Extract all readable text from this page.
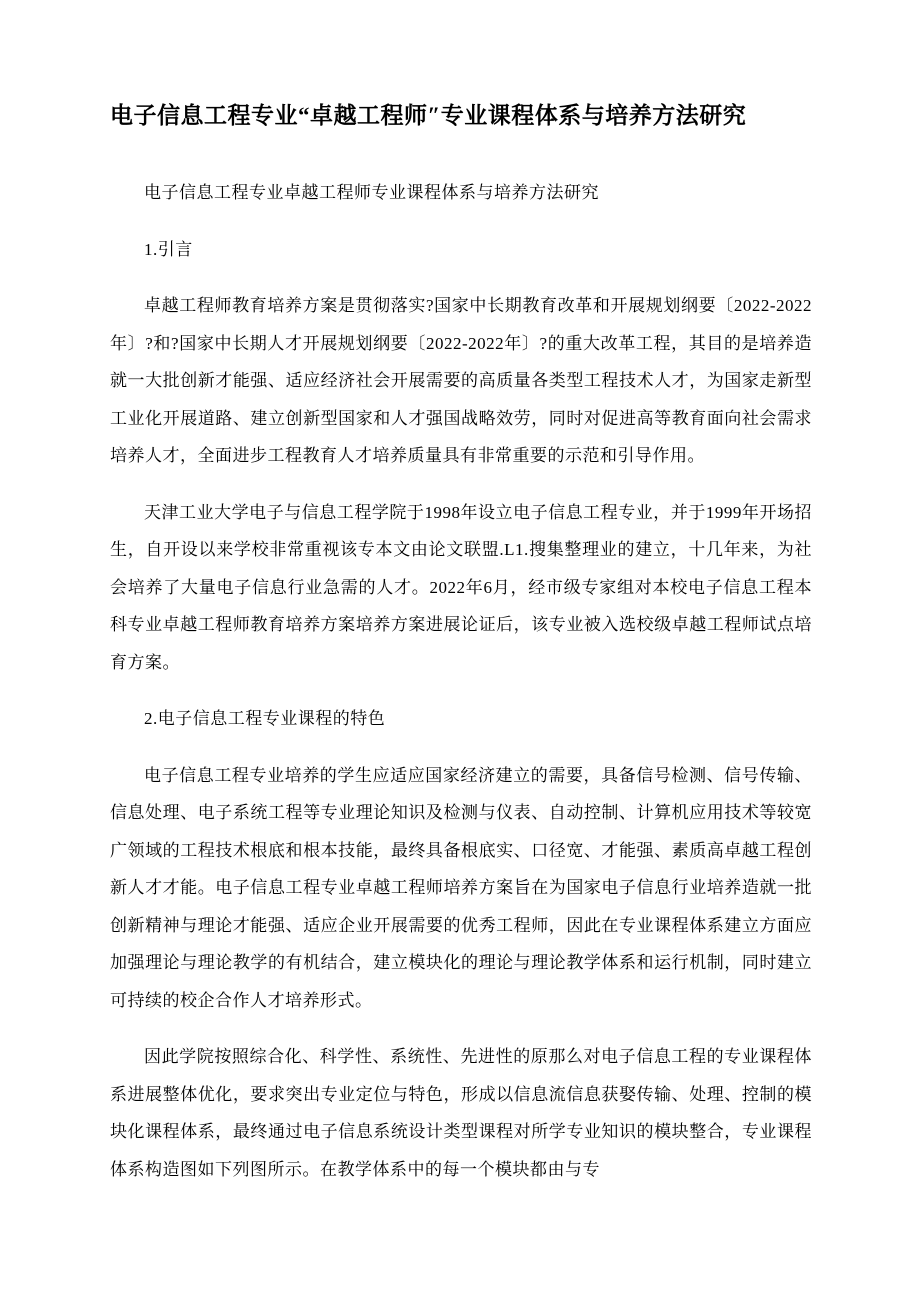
电子信息工程专业“卓越工程师″专业课程体系与培养方法研究

电子信息工程专业卓越工程师专业课程体系与培养方法研究

1.引言

卓越工程师教育培养方案是贯彻落实?国家中长期教育改革和开展规划纲要〔2022-2022年〕?和?国家中长期人才开展规划纲要〔2022-2022年〕?的重大改革工程，其目的是培养造就一大批创新才能强、适应经济社会开展需要的高质量各类型工程技术人才，为国家走新型工业化开展道路、建立创新型国家和人才强国战略效劳，同时对促进高等教育面向社会需求培养人才，全面进步工程教育人才培养质量具有非常重要的示范和引导作用。

天津工业大学电子与信息工程学院于1998年设立电子信息工程专业，并于1999年开场招生，自开设以来学校非常重视该专本文由论文联盟.L1.搜集整理业的建立，十几年来，为社会培养了大量电子信息行业急需的人才。2022年6月，经市级专家组对本校电子信息工程本科专业卓越工程师教育培养方案培养方案进展论证后，该专业被入选校级卓越工程师试点培育方案。

2.电子信息工程专业课程的特色

电子信息工程专业培养的学生应适应国家经济建立的需要，具备信号检测、信号传输、信息处理、电子系统工程等专业理论知识及检测与仪表、自动控制、计算机应用技术等较宽广领域的工程技术根底和根本技能，最终具备根底实、口径宽、才能强、素质高卓越工程创新人才才能。电子信息工程专业卓越工程师培养方案旨在为国家电子信息行业培养造就一批创新精神与理论才能强、适应企业开展需要的优秀工程师，因此在专业课程体系建立方面应加强理论与理论教学的有机结合，建立模块化的理论与理论教学体系和运行机制，同时建立可持续的校企合作人才培养形式。

因此学院按照综合化、科学性、系统性、先进性的原那么对电子信息工程的专业课程体系进展整体优化，要求突出专业定位与特色，形成以信息流信息获娶传输、处理、控制的模块化课程体系，最终通过电子信息系统设计类型课程对所学专业知识的模块整合，专业课程体系构造图如下列图所示。在教学体系中的每一个模块都由与专
